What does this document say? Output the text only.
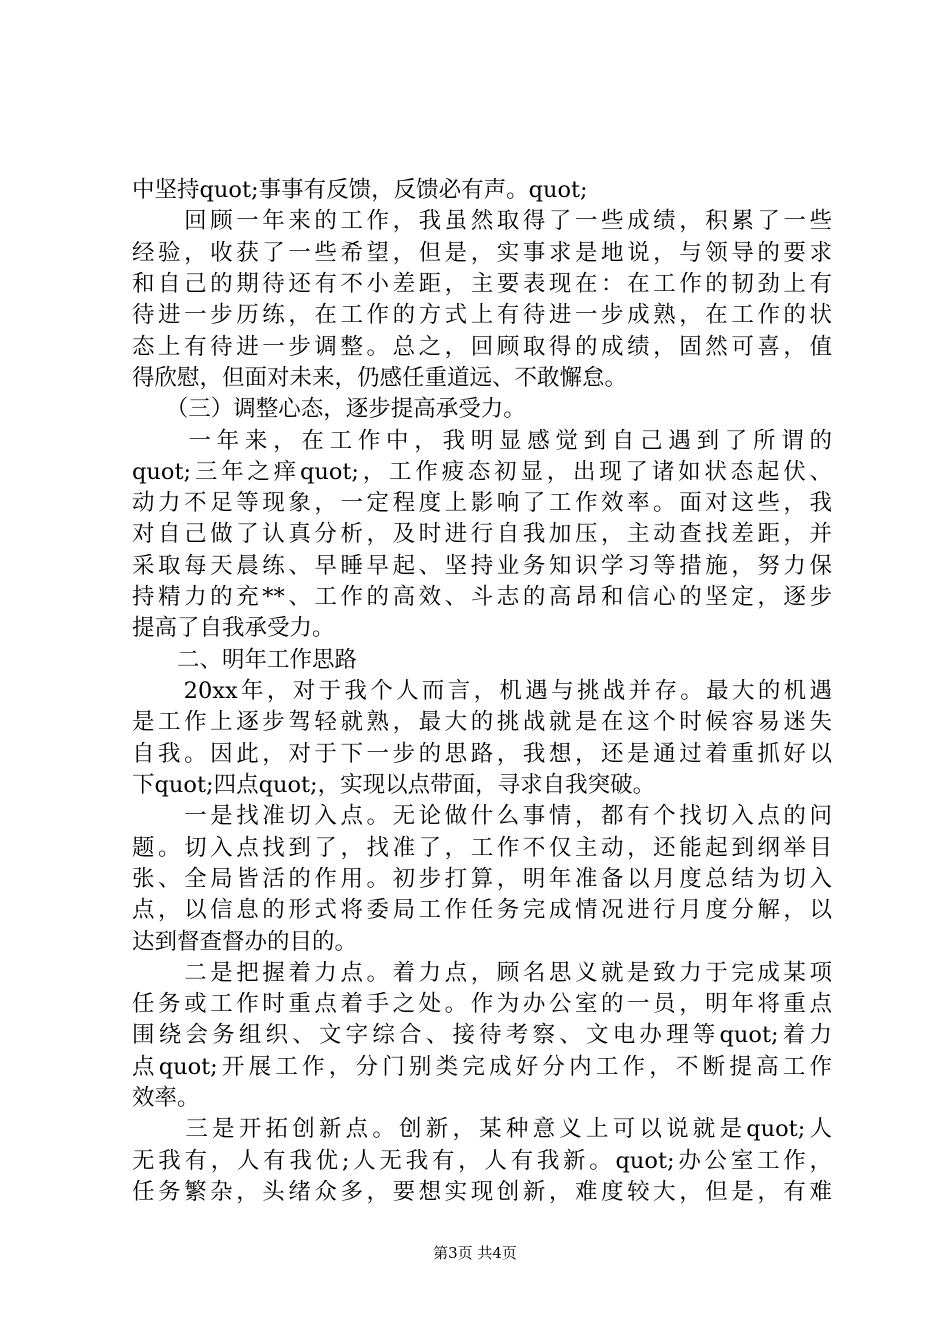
中坚持quot;事事有反馈，反馈必有声。quot;
　　回顾一年来的工作，我虽然取得了一些成绩，积累了一些
经验，收获了一些希望，但是，实事求是地说，与领导的要求
和自己的期待还有不小差距，主要表现在：在工作的韧劲上有
待进一步历练，在工作的方式上有待进一步成熟，在工作的状
态上有待进一步调整。总之，回顾取得的成绩，固然可喜，值
得欣慰，但面对未来，仍感任重道远、不敢懈怠。
　　（三）调整心态，逐步提高承受力。
　　一年来，在工作中，我明显感觉到自己遇到了所谓的
quot;三年之痒quot;，工作疲态初显，出现了诸如状态起伏、
动力不足等现象，一定程度上影响了工作效率。面对这些，我
对自己做了认真分析，及时进行自我加压，主动查找差距，并
采取每天晨练、早睡早起、坚持业务知识学习等措施，努力保
持精力的充**、工作的高效、斗志的高昂和信心的坚定，逐步
提高了自我承受力。
　　二、明年工作思路
　　20xx年，对于我个人而言，机遇与挑战并存。最大的机遇
是工作上逐步驾轻就熟，最大的挑战就是在这个时候容易迷失
自我。因此，对于下一步的思路，我想，还是通过着重抓好以
下quot;四点quot;，实现以点带面，寻求自我突破。
　　一是找准切入点。无论做什么事情，都有个找切入点的问
题。切入点找到了，找准了，工作不仅主动，还能起到纲举目
张、全局皆活的作用。初步打算，明年准备以月度总结为切入
点，以信息的形式将委局工作任务完成情况进行月度分解，以
达到督查督办的目的。
　　二是把握着力点。着力点，顾名思义就是致力于完成某项
任务或工作时重点着手之处。作为办公室的一员，明年将重点
围绕会务组织、文字综合、接待考察、文电办理等quot;着力
点quot;开展工作，分门别类完成好分内工作，不断提高工作
效率。
　　三是开拓创新点。创新，某种意义上可以说就是quot;人
无我有，人有我优;人无我有，人有我新。quot;办公室工作，
任务繁杂，头绪众多，要想实现创新，难度较大，但是，有难
第3页 共4页
